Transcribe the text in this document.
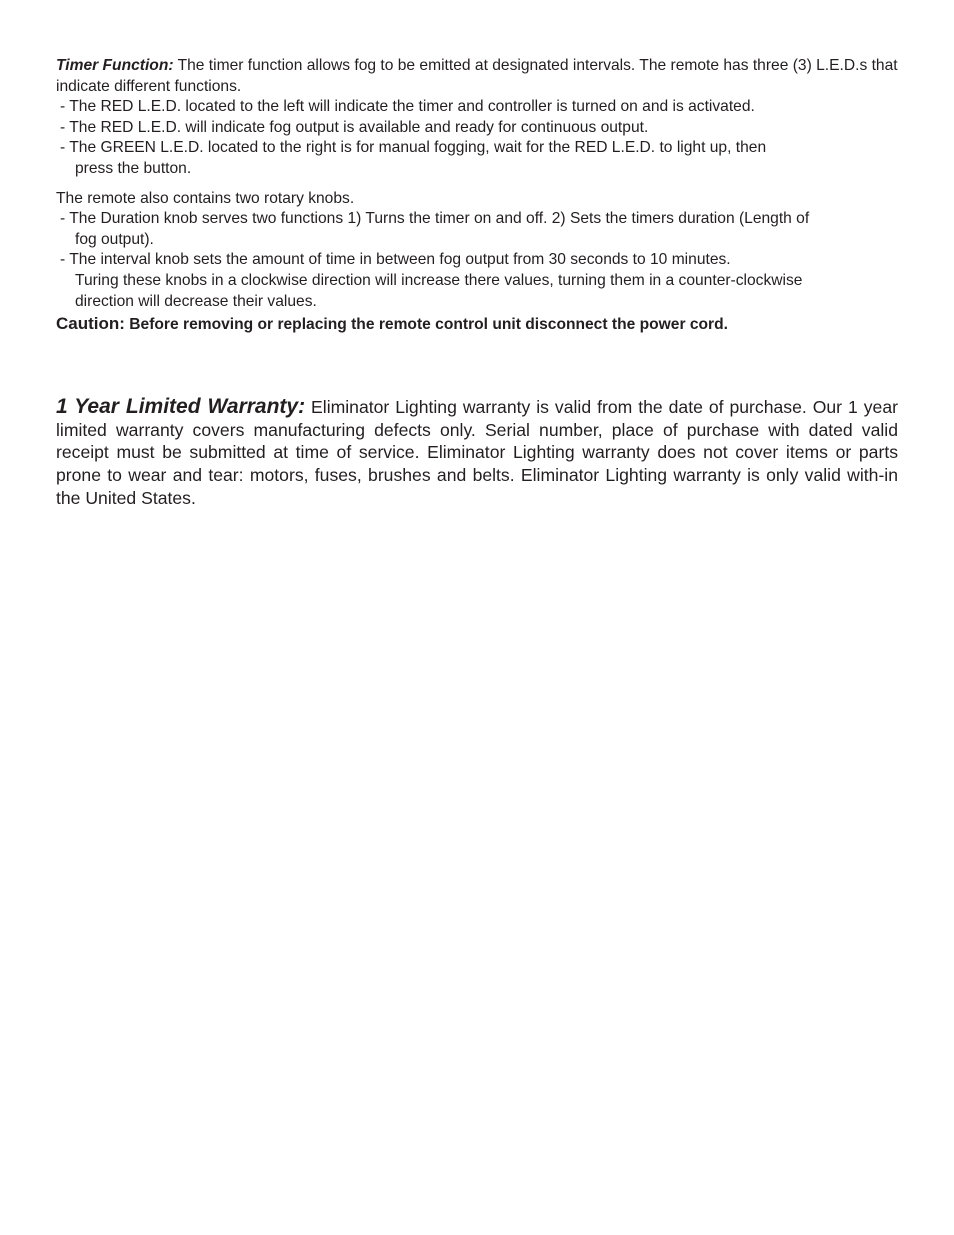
Timer Function: The timer function allows fog to be emitted at designated intervals. The remote has three (3) L.E.D.s that indicate different functions.

- The RED L.E.D. located to the left will indicate the timer and controller is turned on and is activated.

- The RED L.E.D. will indicate fog output is available and ready for continuous output.

- The GREEN L.E.D. located to the right is for manual fogging, wait for the RED L.E.D. to light up, then

press the button.

The remote also contains two rotary knobs.

- The Duration knob serves two functions 1) Turns the timer on and off. 2) Sets the timers duration (Length of

fog output).

- The interval knob sets the amount of time in between fog output from 30 seconds to 10 minutes.

Turing these knobs in a clockwise direction will increase there values, turning them in a counter-clockwise

direction will decrease their values.

Caution: Before removing or replacing the remote control unit disconnect the power cord.

1 Year Limited Warranty: Eliminator Lighting warranty is valid from the date of purchase. Our 1 year limited warranty covers manufacturing defects only. Serial number, place of purchase with dated valid receipt must be submitted at time of service. Eliminator Lighting warranty does not cover items or parts prone to wear and tear: motors, fuses, brushes and belts. Eliminator Lighting warranty is only valid with-in the United States.
